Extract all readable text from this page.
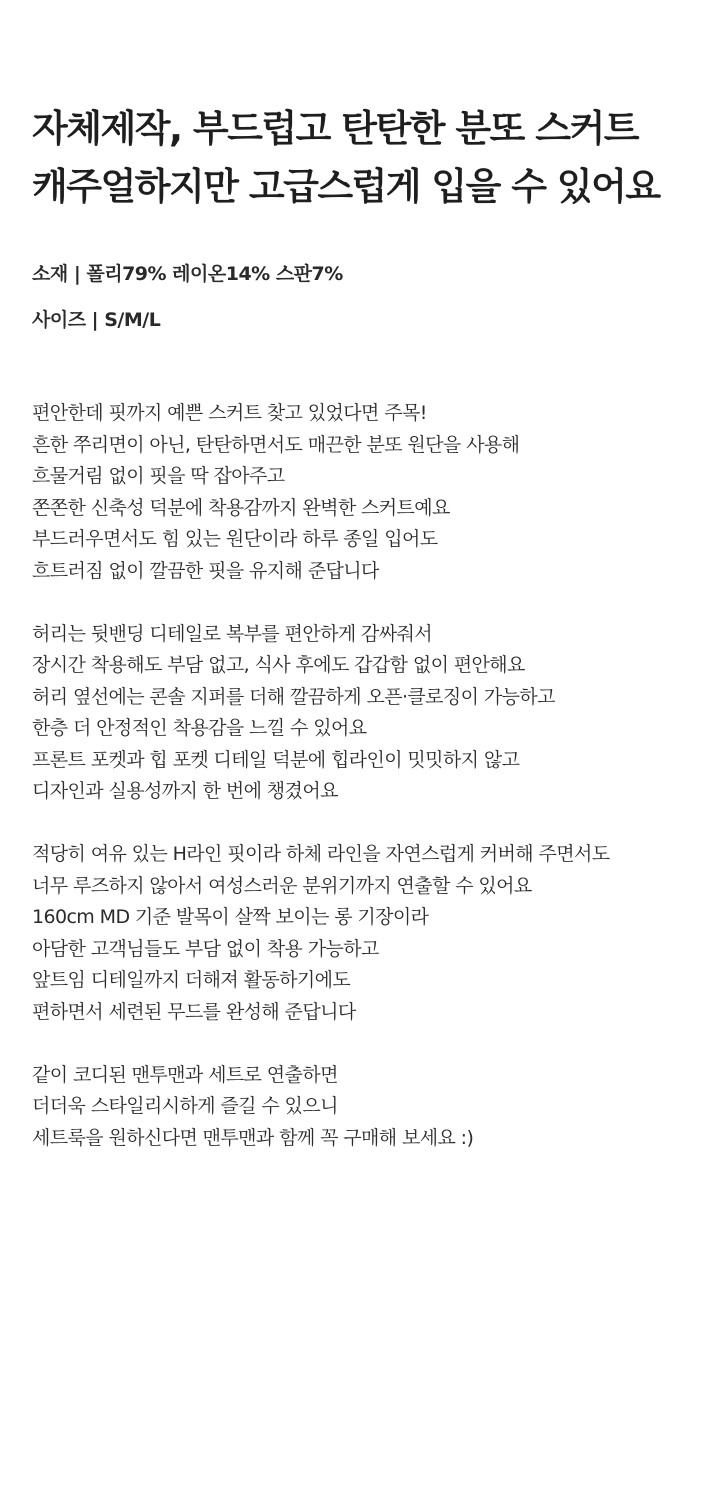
자체제작, 부드럽고 탄탄한 분또 스커트
캐주얼하지만 고급스럽게 입을 수 있어요
소재 | 폴리79% 레이온14% 스판7%
사이즈 | S/M/L
편안한데 핏까지 예쁜 스커트 찾고 있었다면 주목!
흔한 쭈리면이 아닌, 탄탄하면서도 매끈한 분또 원단을 사용해
흐물거림 없이 핏을 딱 잡아주고
쫀쫀한 신축성 덕분에 착용감까지 완벽한 스커트예요
부드러우면서도 힘 있는 원단이라 하루 종일 입어도
흐트러짐 없이 깔끔한 핏을 유지해 준답니다
허리는 뒷밴딩 디테일로 복부를 편안하게 감싸줘서
장시간 착용해도 부담 없고, 식사 후에도 갑갑함 없이 편안해요
허리 옆선에는 콘솔 지퍼를 더해 깔끔하게 오픈·클로징이 가능하고
한층 더 안정적인 착용감을 느낄 수 있어요
프론트 포켓과 힙 포켓 디테일 덕분에 힙라인이 밋밋하지 않고
디자인과 실용성까지 한 번에 챙겼어요
적당히 여유 있는 H라인 핏이라 하체 라인을 자연스럽게 커버해 주면서도
너무 루즈하지 않아서 여성스러운 분위기까지 연출할 수 있어요
160cm MD 기준 발목이 살짝 보이는 롱 기장이라
아담한 고객님들도 부담 없이 착용 가능하고
앞트임 디테일까지 더해져 활동하기에도
편하면서 세련된 무드를 완성해 준답니다
같이 코디된 맨투맨과 세트로 연출하면
더더욱 스타일리시하게 즐길 수 있으니
세트룩을 원하신다면 맨투맨과 함께 꼭 구매해 보세요 :)
